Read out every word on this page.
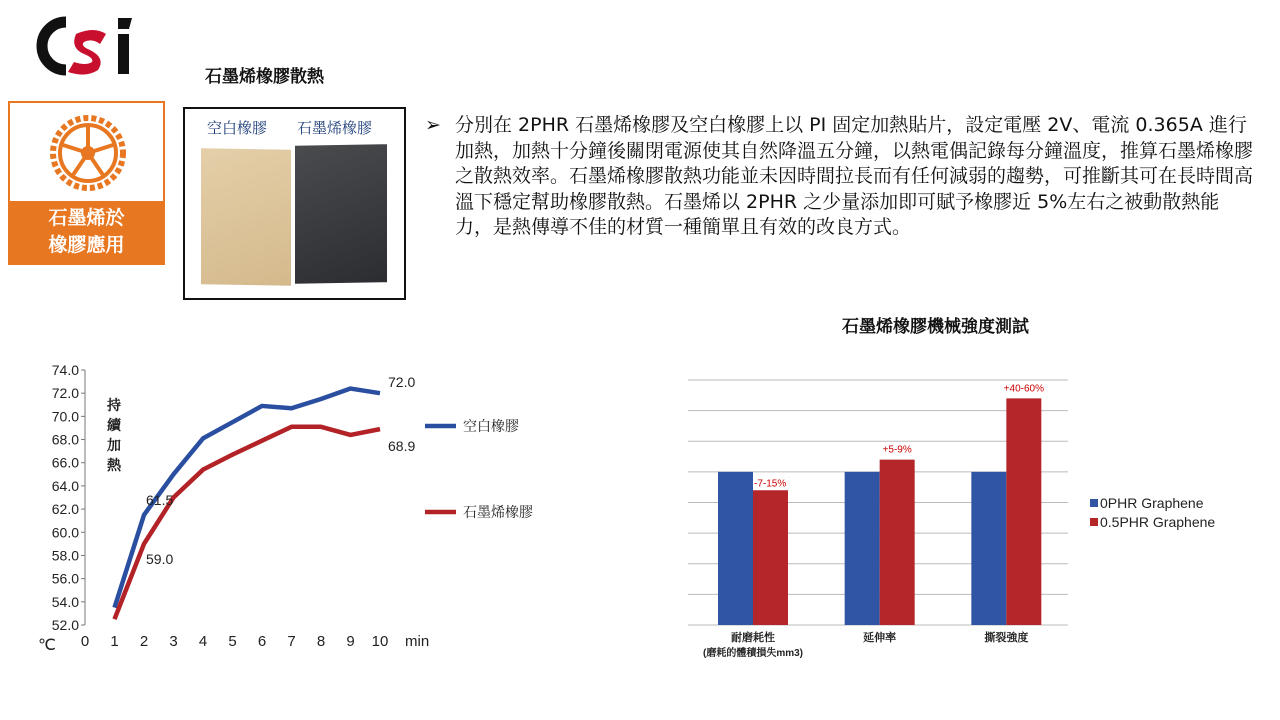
石墨烯橡膠散熱
石墨烯於
橡膠應用
空白橡膠 石墨烯橡膠	➢ 分別在 2PHR 石墨烯橡膠及空白橡膠上以 PI 固定加熱貼片，設定電壓 2V、電流 0.365A 進行加熱，加熱十分鐘後關閉電源使其自然降溫五分鐘，以熱電偶記錄每分鐘溫度，推算石墨烯橡膠之散熱效率。石墨烯橡膠散熱功能並未因時間拉長而有任何減弱的趨勢，可推斷其可在長時間高溫下穩定幫助橡膠散熱。石墨烯以 2PHR 之少量添加即可賦予橡膠近 5%左右之被動散熱能力，是熱傳導不佳的材質一種簡單且有效的改良方式。
石墨烯橡膠機械強度測試
52.0
54.0
56.0
58.0
60.0
62.0
64.0
66.0
68.0
70.0
72.0
74.0
0 1 2 3 4 5 6 7 8 9 10 min
℃
持
續
加
熱
空白橡膠
石墨烯橡膠
72.0
61.5
68.9
59.0
耐磨耗性
(磨耗的體積損失mm3)
-7-15%
延伸率
+5-9%
撕裂強度
+40-60%
0PHR Graphene
0.5PHR Graphene
